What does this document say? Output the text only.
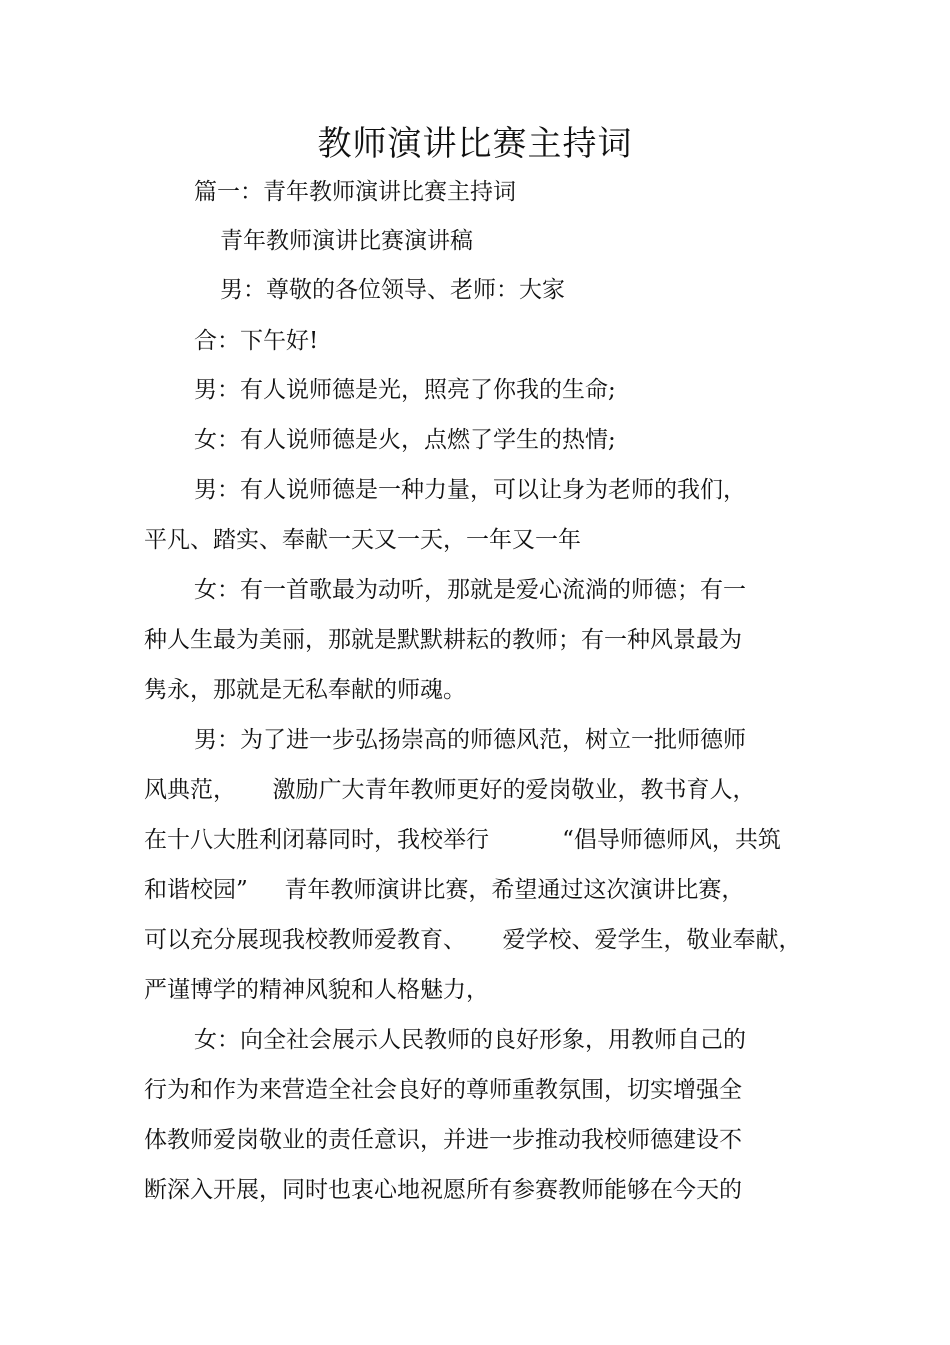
教师演讲比赛主持词

篇一：青年教师演讲比赛主持词

青年教师演讲比赛演讲稿

男：尊敬的各位领导、老师：大家

合：下午好!

男：有人说师德是光，照亮了你我的生命;

女：有人说师德是火，点燃了学生的热情;

男：有人说师德是一种力量，可以让身为老师的我们，

平凡、踏实、奉献一天又一天，一年又一年

女：有一首歌最为动听，那就是爱心流淌的师德；有一

种人生最为美丽，那就是默默耕耘的教师；有一种风景最为

隽永，那就是无私奉献的师魂。

男：为了进一步弘扬崇高的师德风范，树立一批师德师

风典范，     激励广大青年教师更好的爱岗敬业，教书育人，

在十八大胜利闭幕同时，我校举行          “倡导师德师风，共筑

和谐校园”     青年教师演讲比赛，希望通过这次演讲比赛，

可以充分展现我校教师爱教育、     爱学校、爱学生，敬业奉献，

严谨博学的精神风貌和人格魅力，

女：向全社会展示人民教师的良好形象，用教师自己的

行为和作为来营造全社会良好的尊师重教氛围，切实增强全

体教师爱岗敬业的责任意识，并进一步推动我校师德建设不

断深入开展，同时也衷心地祝愿所有参赛教师能够在今天的
